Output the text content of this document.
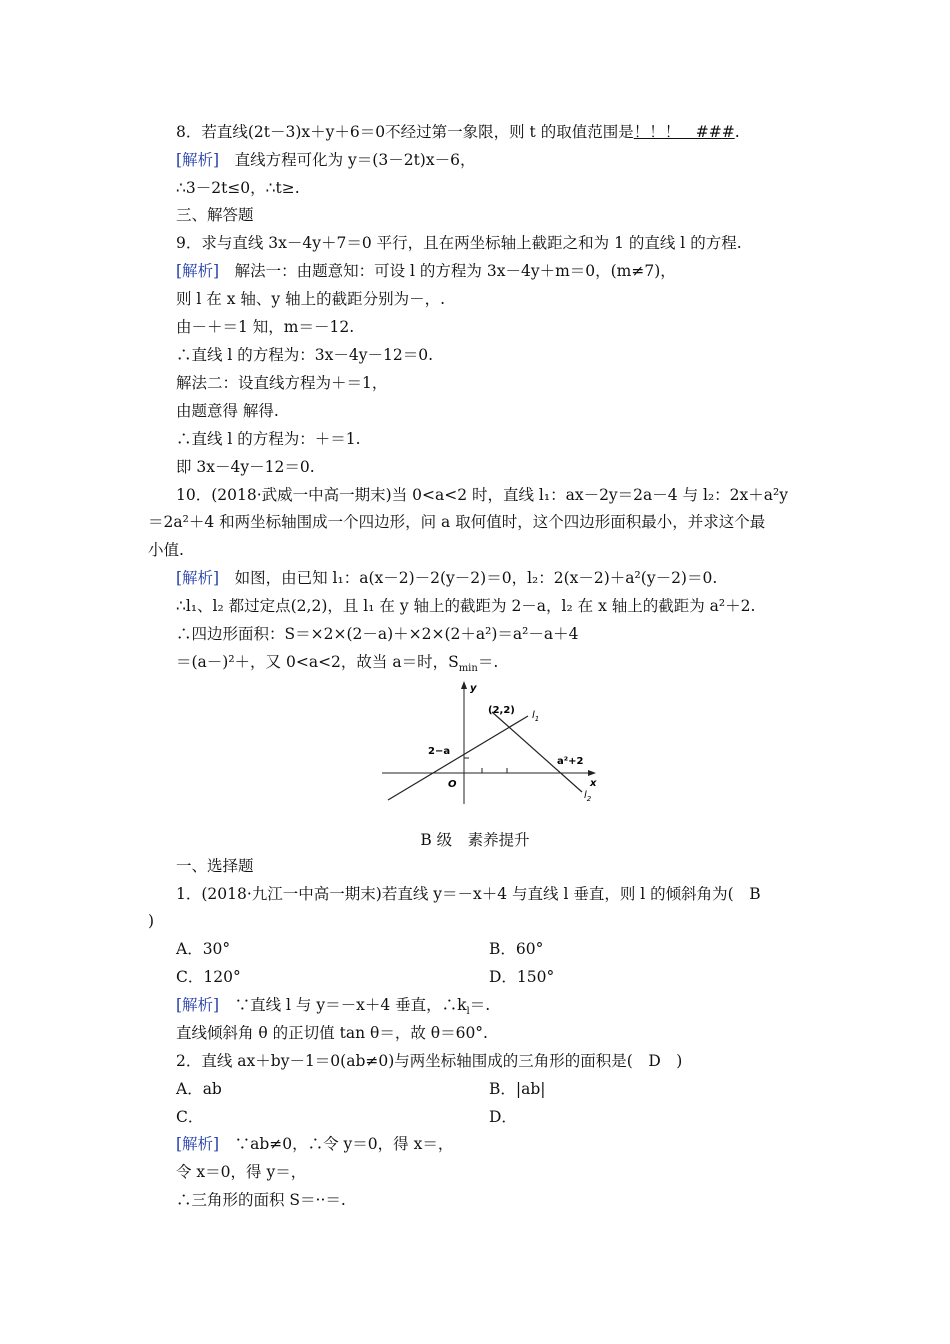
8．若直线(2t－3)x＋y＋6＝0不经过第一象限，则 t 的取值范围是！！！　###.
[解析]　直线方程可化为 y＝(3－2t)x－6，
∴3－2t≤0，∴t≥.
三、解答题
9．求与直线 3x－4y＋7＝0 平行，且在两坐标轴上截距之和为 1 的直线 l 的方程.
[解析]　解法一：由题意知：可设 l 的方程为 3x－4y＋m＝0，(m≠7)，
则 l 在 x 轴、y 轴上的截距分别为－，.
由－＋＝1 知，m＝－12.
∴直线 l 的方程为：3x－4y－12＝0.
解法二：设直线方程为＋＝1，
由题意得 解得.
∴直线 l 的方程为：＋＝1.
即 3x－4y－12＝0.
10．(2018·武威一中高一期末)当 0<a<2 时，直线 l₁：ax－2y＝2a－4 与 l₂：2x＋a²y
＝2a²＋4 和两坐标轴围成一个四边形，问 a 取何值时，这个四边形面积最小，并求这个最
小值.
[解析]　如图，由已知 l₁：a(x－2)－2(y－2)＝0，l₂：2(x－2)＋a²(y－2)＝0.
∴l₁、l₂ 都过定点(2,2)，且 l₁ 在 y 轴上的截距为 2－a，l₂ 在 x 轴上的截距为 a²＋2.
∴四边形面积：S＝×2×(2－a)＋×2×(2＋a²)＝a²－a＋4
＝(a－)²＋，又 0<a<2，故当 a＝时，$S_{min}=$.
y
x
O
(2,2) $l_1$
$l_2$
2−a
a²+2
B 级　素养提升
一、选择题
1．(2018·九江一中高一期末)若直线 y＝－x＋4 与直线 l 垂直，则 l 的倾斜角为(　B
)
A．30°	B．60°
C．120°	D．150°
[解析]　∵直线 l 与 y＝－x＋4 垂直，$\therefore k_l=$.
直线倾斜角 θ 的正切值 tan θ＝，故 θ＝60°.
2．直线 ax＋by－1＝0(ab≠0)与两坐标轴围成的三角形的面积是(　D　)
A．ab	B．|ab|
C．	D．
[解析]　∵ab≠0，∴令 y＝0，得 x＝，
令 x＝0，得 y＝，
∴三角形的面积 S＝··＝.
